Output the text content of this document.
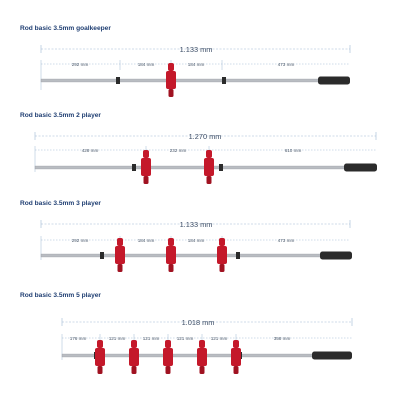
Rod basic 3.5mm goalkeeper
1.133 mm
292 mm	184 mm	184 mm	473 mm
Rod basic 3.5mm 2 player
1.270 mm
428 mm	232 mm	610 mm
Rod basic 3.5mm 3 player
1.133 mm
292 mm	184 mm	184 mm	473 mm
Rod basic 3.5mm 5 player
1.018 mm
176 mm	121 mm	121 mm	121 mm	121 mm	358 mm
